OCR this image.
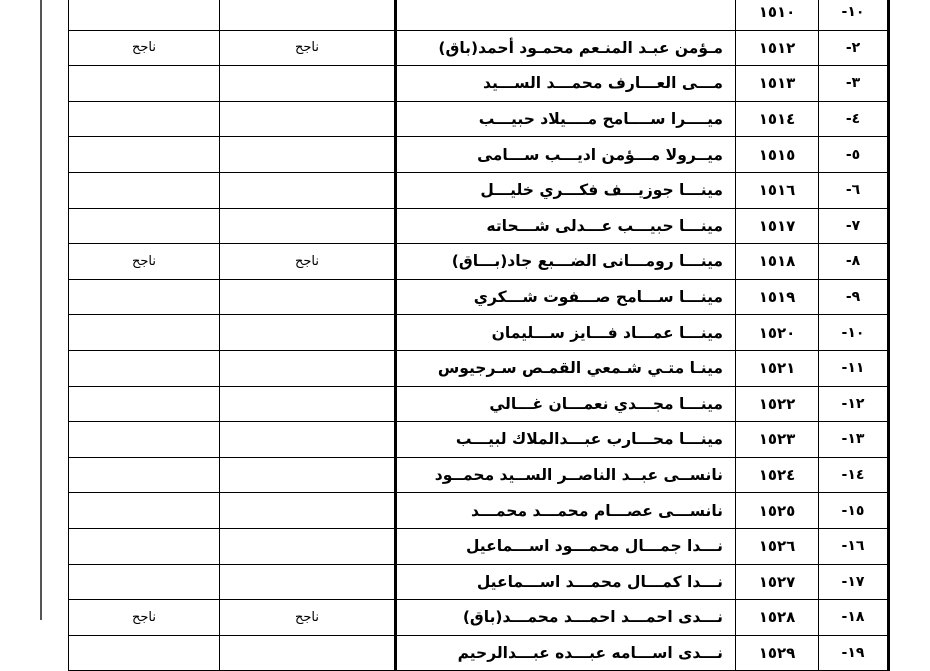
١٠-	١٥١٠			
٢-	١٥١٢	مـؤمن عبـد المنـعم محمـود أحمد(باق)	ناجح	ناجح
٣-	١٥١٣	مـــى العـــارف محمـــد الســـيد		
٤-	١٥١٤	ميــــرا ســــامح مــــيلاد حبيـــب		
٥-	١٥١٥	ميــرولا مـــؤمن اديـــب ســـامى		
٦-	١٥١٦	مينـــا جوزيـــف فكـــري خليـــل		
٧-	١٥١٧	مينـــا حبيـــب عـــدلى شـــحاته		
٨-	١٥١٨	مينـــا رومـــانى الضـــبع جاد(بـــاق)	ناجح	ناجح
٩-	١٥١٩	مينـــا ســـامح صـــفوت شـــكري		
١٠-	١٥٢٠	مينـــا عمـــاد فـــايز ســـليمان		
١١-	١٥٢١	مينـا متـي شـمعي القمـص سـرجيوس		
١٢-	١٥٢٢	مينـــا مجـــدي نعمـــان غـــالي		
١٣-	١٥٢٣	مينـــا محـــارب عبـــدالملاك لبيـــب		
١٤-	١٥٢٤	نانســى عبــد الناصــر الســيد محمــود		
١٥-	١٥٢٥	نانســـى عصـــام محمـــد محمـــد		
١٦-	١٥٢٦	نـــدا جمـــال محمـــود اســـماعيل		
١٧-	١٥٢٧	نـــدا كمـــال محمـــد اســـماعيل		
١٨-	١٥٢٨	نـــدى احمـــد احمـــد محمـــد(باق)	ناجح	ناجح
١٩-	١٥٢٩	نـــدى اســـامه عبـــده عبـــدالرحيم		
